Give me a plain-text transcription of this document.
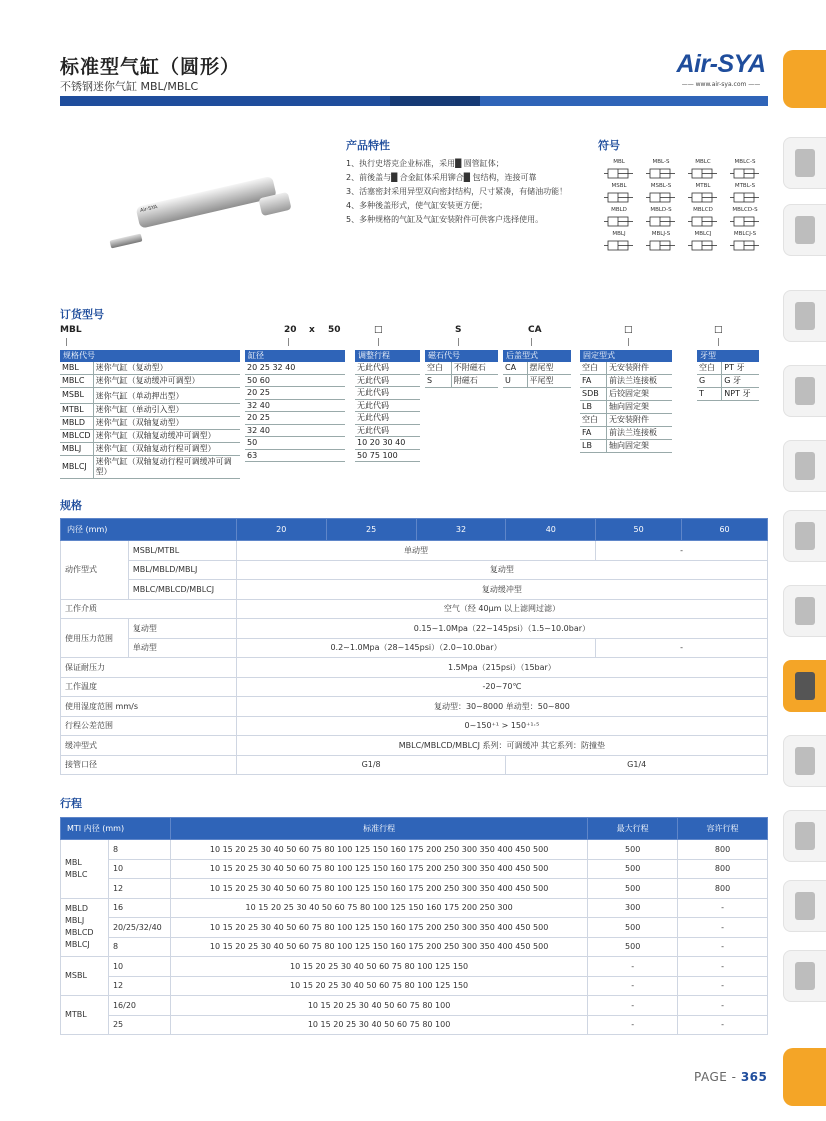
标准型气缸（圆形）
不锈钢迷你气缸 MBL/MBLC
Air-SYA
—— www.air-sya.com ——
Air-SYA
产品特性
1、执行史塔克企业标准，采用█ 圆管缸体；
2、前後盖与█ 合金缸体采用铆合█ 包结构，连接可靠
3、活塞密封采用异型双向密封结构，尺寸紧凑，有储油功能！
4、多种後盖形式，使气缸安装更方便；
5、多种规格的气缸及气缸安装附件可供客户选择使用。
符号
MBL	MBL-S	MBLC	MBLC-S
MSBL	MSBL-S	MTBL	MTBL-S
MBLD	MBLD-S	MBLCD	MBLCD-S
MBLJ	MBLJ-S	MBLCJ	MBLCJ-S
订货型号
MBL	20 x 50	□	S	CA	□	□
规格代号
MBL	迷你气缸（复动型）
MBLC	迷你气缸（复动缓冲可调型）
MSBL	迷你气缸（单动押出型）
MTBL	迷你气缸（单动引入型）
MBLD	迷你气缸（双轴复动型）
MBLCD	迷你气缸（双轴复动缓冲可调型）
MBLJ	迷你气缸（双轴复动行程可调型）
MBLCJ	迷你气缸（双轴复动行程可调缓冲可调型）
缸径
20 25 32 40
50 60
20 25
32 40
20 25
32 40
50
63
调整行程
无此代码
无此代码
无此代码
无此代码
无此代码
无此代码
10 20 30 40
50 75 100
磁石代号
空白	不附磁石
S	附磁石
后盖型式
CA	摆尾型
U	平尾型
固定型式
空白	无安装附件
FA	前法兰连接板
SDB	后铰固定架
LB	轴向固定架
空白	无安装附件
FA	前法兰连接板
LB	轴向固定架
牙型
空白	PT 牙
G	G 牙
T	NPT 牙
规格
内径 (mm)		20	25	32	40	50	60
动作型式	MSBL/MTBL	单动型				-	
	MBL/MBLD/MBLJ	复动型					
	MBLC/MBLCD/MBLCJ	复动缓冲型					
工作介质		空气（经 40μm 以上滤网过滤）					
使用压力范围	复动型	0.15~1.0Mpa（22~145psi）（1.5~10.0bar）					
	单动型	0.2~1.0Mpa（28~145psi）（2.0~10.0bar）				-	
保证耐压力		1.5Mpa（215psi）（15bar）					
工作温度		-20~70℃					
使用湿度范围 mm/s		复动型：30~8000 单动型：50~800					
行程公差范围		0~150⁺¹ > 150⁺¹·⁵					
缓冲型式		MBLC/MBLCD/MBLCJ 系列：可调缓冲 其它系列：防撞垫					
接管口径		G1/8			G1/4		
行程
MTI 内径 (mm)		标准行程	最大行程	容许行程
MBL
MBLC	8	10 15 20 25 30 40 50 60 75 80 100 125 150 160 175 200 250 300 350 400 450 500	500	800
	10	10 15 20 25 30 40 50 60 75 80 100 125 150 160 175 200 250 300 350 400 450 500	500	800
	12	10 15 20 25 30 40 50 60 75 80 100 125 150 160 175 200 250 300 350 400 450 500	500	800
MBLD
MBLJ
MBLCD
MBLCJ	16	10 15 20 25 30 40 50 60 75 80 100 125 150 160 175 200 250 300	300	-
	20/25/32/40	10 15 20 25 30 40 50 60 75 80 100 125 150 160 175 200 250 300 350 400 450 500	500	-
	8	10 15 20 25 30 40 50 60 75 80 100 125 150 160 175 200 250 300 350 400 450 500	500	-
MSBL	10	10 15 20 25 30 40 50 60 75 80 100 125 150	-	-
	12	10 15 20 25 30 40 50 60 75 80 100 125 150	-	-
MTBL	16/20	10 15 20 25 30 40 50 60 75 80 100	-	-
	25	10 15 20 25 30 40 50 60 75 80 100	-	-
PAGE - 365
